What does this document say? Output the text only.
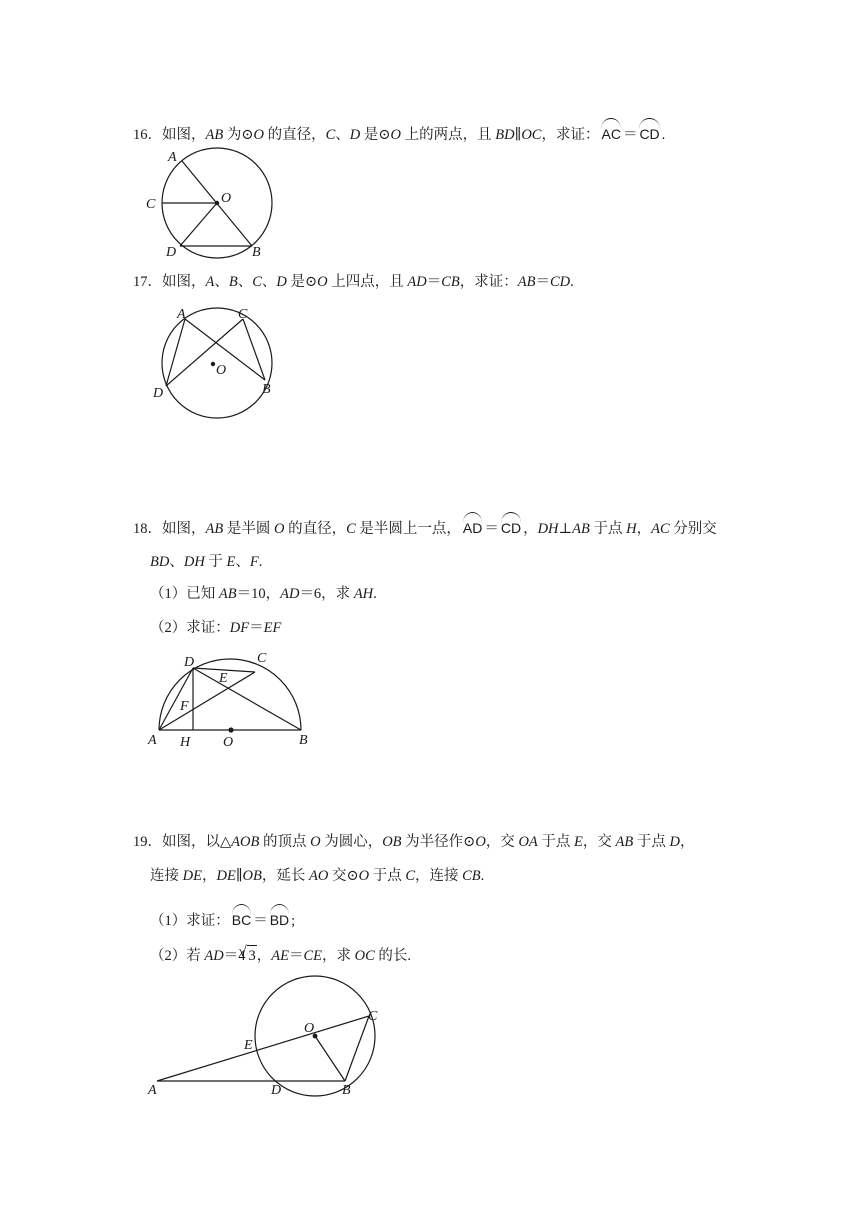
16．如图，AB 为⊙O 的直径，C、D 是⊙O 上的两点，且 BD∥OC，求证： AC ＝ CD .
A
C	O
D	B
17．如图，A、B、C、D 是⊙O 上四点，且 AD＝CB，求证：AB＝CD.
A	C
O
D	B
18．如图，AB 是半圆 O 的直径，C 是半圆上一点， AD ＝ CD ，DH⊥AB 于点 H，AC 分别交
BD、DH 于 E、F.
（1）已知 AB＝10，AD＝6，求 AH.
（2）求证：DF＝EF
D	C
E
F
A H O	B
19．如图，以△AOB 的顶点 O 为圆心，OB 为半径作⊙O，交 OA 于点 E，交 AB 于点 D，
连接 DE，DE∥OB，延长 AO 交⊙O 于点 C，连接 CB.
（1）求证： BC ＝ BD ;
（2）若 AD＝4√ 3，AE＝CE，求 OC 的长.
O
C
E
A	D	B
